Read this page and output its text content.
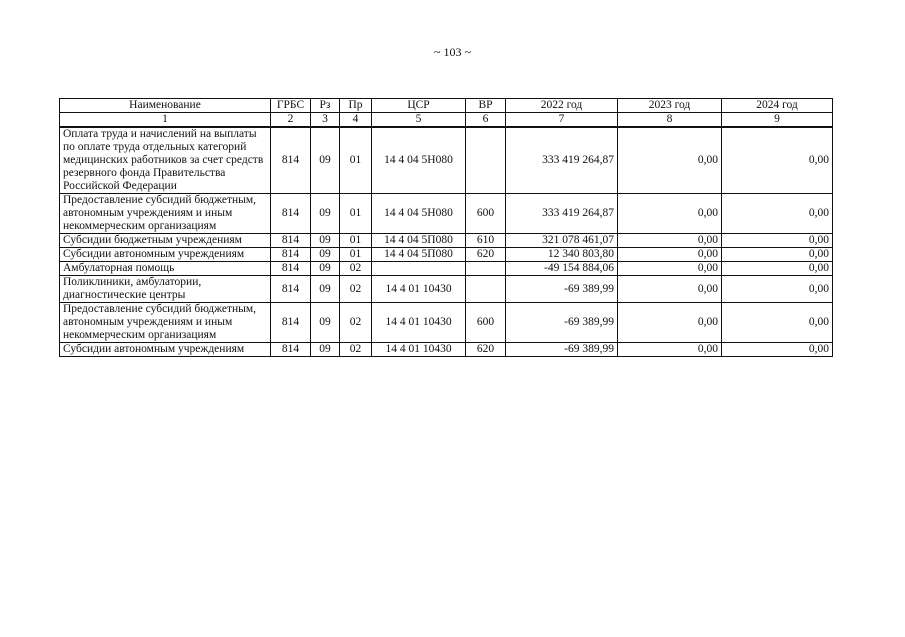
~ 103 ~
Наименование	ГРБС	Рз	Пр	ЦСР	ВР	2022 год	2023 год	2024 год
1	2	3	4	5	6	7	8	9
Оплата труда и начислений на выплаты по оплате труда отдельных категорий медицинских работников за счет средств резервного фонда Правительства Российской Федерации	814	09	01	14 4 04 5Н080		333 419 264,87	0,00	0,00
Предоставление субсидий бюджетным, автономным учреждениям и иным некоммерческим организациям	814	09	01	14 4 04 5Н080	600	333 419 264,87	0,00	0,00
Субсидии бюджетным учреждениям	814	09	01	14 4 04 5П080	610	321 078 461,07	0,00	0,00
Субсидии автономным учреждениям	814	09	01	14 4 04 5П080	620	12 340 803,80	0,00	0,00
Амбулаторная помощь	814	09	02			-49 154 884,06	0,00	0,00
Поликлиники, амбулатории, диагностические центры	814	09	02	14 4 01 10430		-69 389,99	0,00	0,00
Предоставление субсидий бюджетным, автономным учреждениям и иным некоммерческим организациям	814	09	02	14 4 01 10430	600	-69 389,99	0,00	0,00
Субсидии автономным учреждениям	814	09	02	14 4 01 10430	620	-69 389,99	0,00	0,00
